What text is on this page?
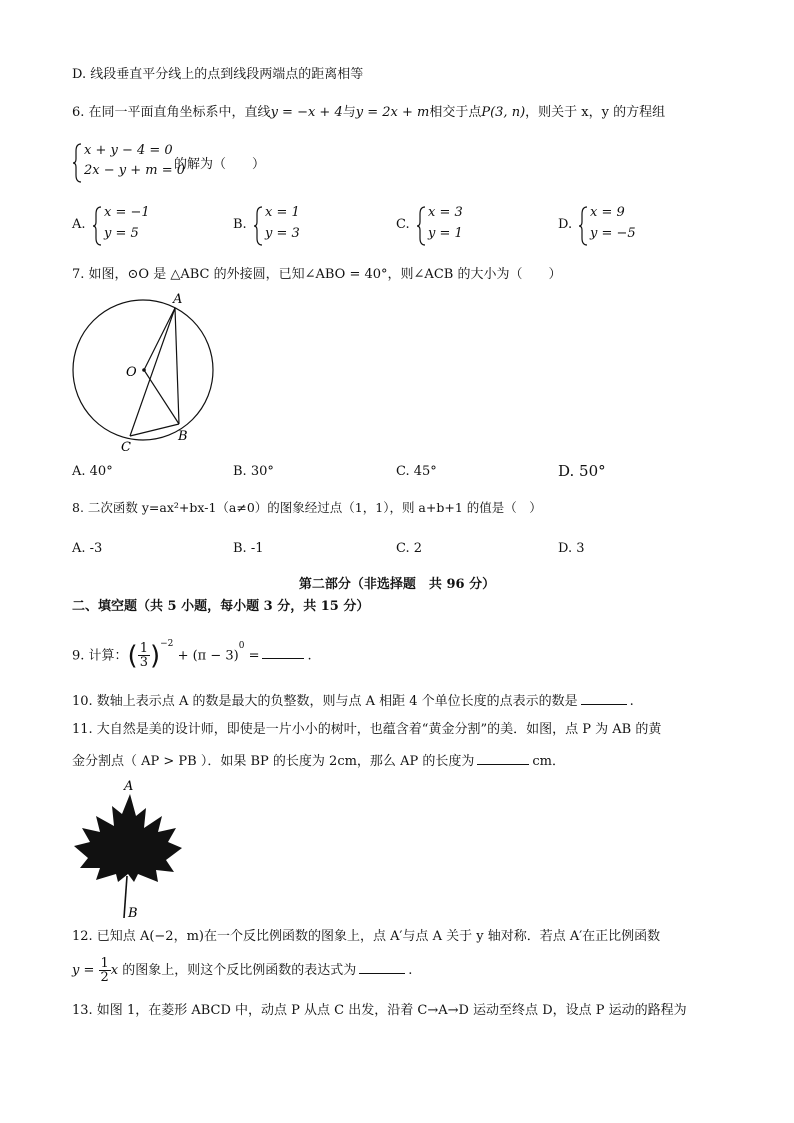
D. 线段垂直平分线上的点到线段两端点的距离相等
6. 在同一平面直角坐标系中，直线y = −x + 4与y = 2x + m相交于点P(3, n)，则关于 x，y 的方程组
x + y − 4 = 0
2x − y + m = 0
的解为（　　）
A.
x = −1
y = 5
B.
x = 1
y = 3
C.
x = 3
y = 1
D.
x = 9
y = −5
7. 如图，⊙O 是 △ABC 的外接圆，已知∠ABO = 40°，则∠ACB 的大小为（　　）
A
O
B
C
A. 40°	B. 30°	C. 45°	D. 50°
8. 二次函数 y=ax²+bx-1（a≠0）的图象经过点（1，1），则 a+b+1 的值是（　）
A. -3	B. -1	C. 2	D. 3
第二部分（非选择题　共 96 分）
二、填空题（共 5 小题，每小题 3 分，共 15 分）
9. 计算：( $\frac{1}{3} )^{-2} + (\pi - 3)^0$ =	.
10. 数轴上表示点 A 的数是最大的负整数，则与点 A 相距 4 个单位长度的点表示的数是	.
11. 大自然是美的设计师，即使是一片小小的树叶，也蕴含着“黄金分割”的美．如图，点 P 为 AB 的黄
金分割点（ AP > PB ）．如果 BP 的长度为 2cm，那么 AP 的长度为	cm．
A
P
B
12. 已知点 A(−2，m)在一个反比例函数的图象上，点 A′与点 A 关于 y 轴对称．若点 A′在正比例函数
$y = \frac{1}{2}$ x 的图象上，则这个反比例函数的表达式为	.
13. 如图 1，在菱形 ABCD 中，动点 P 从点 C 出发，沿着 C→A→D 运动至终点 D，设点 P 运动的路程为
